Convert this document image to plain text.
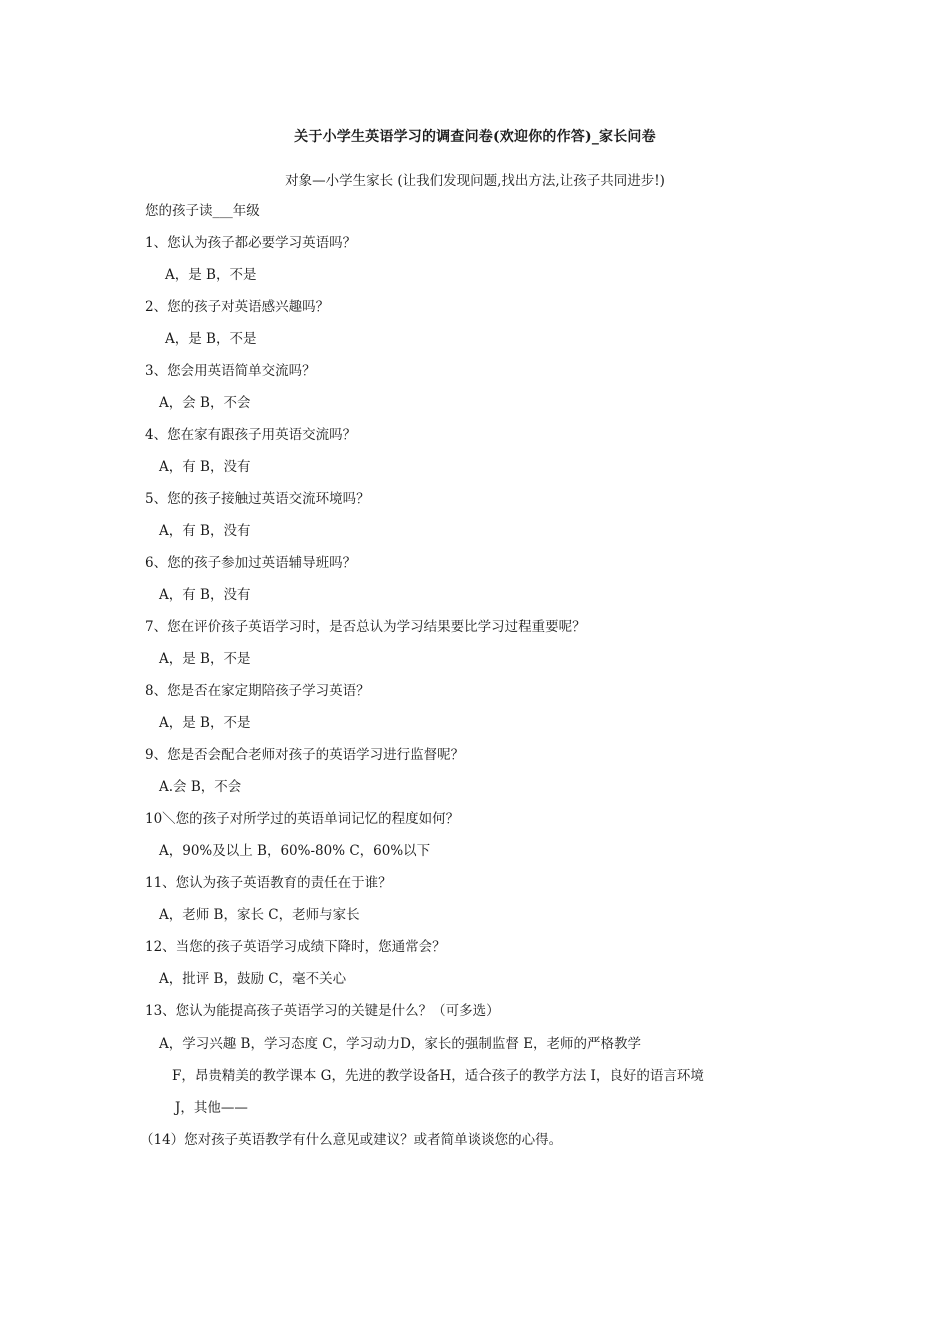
关于小学生英语学习的调查问卷(欢迎你的作答)_家长问卷
对象—小学生家长 (让我们发现问题,找出方法,让孩子共同进步!)
您的孩子读___年级
1、您认为孩子都必要学习英语吗？
A，是 B，不是
2、您的孩子对英语感兴趣吗？
A，是 B，不是
3、您会用英语简单交流吗？
A，会 B，不会
4、您在家有跟孩子用英语交流吗？
A，有 B，没有
5、您的孩子接触过英语交流环境吗？
A，有 B，没有
6、您的孩子参加过英语辅导班吗？
A，有 B，没有
7、您在评价孩子英语学习时，是否总认为学习结果要比学习过程重要呢？
A，是 B，不是
8、您是否在家定期陪孩子学习英语？
A，是 B，不是
9、您是否会配合老师对孩子的英语学习进行监督呢？
A.会 B，不会
10＼您的孩子对所学过的英语单词记忆的程度如何？
A，90%及以上 B，60%-80% C，60%以下
11、您认为孩子英语教育的责任在于谁？
A，老师 B，家长 C，老师与家长
12、当您的孩子英语学习成绩下降时，您通常会？
A，批评 B，鼓励 C，毫不关心
13、您认为能提高孩子英语学习的关键是什么？（可多选）
A，学习兴趣 B，学习态度 C，学习动力D，家长的强制监督 E，老师的严格教学
F，昂贵精美的教学课本 G，先进的教学设备H，适合孩子的教学方法 I，良好的语言环境
J，其他——
（14）您对孩子英语教学有什么意见或建议？或者简单谈谈您的心得。
